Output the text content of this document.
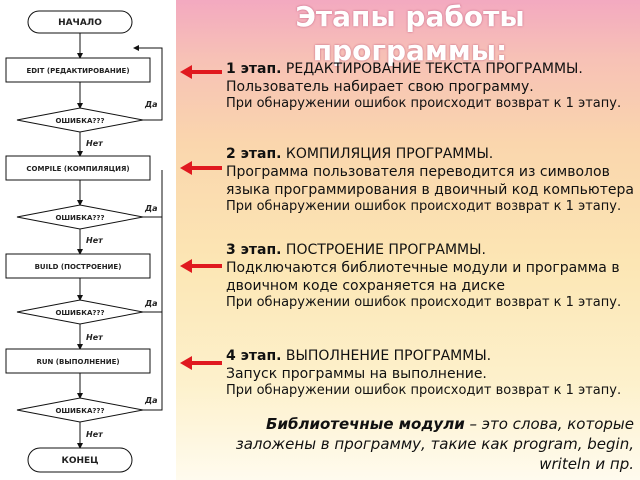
НАЧАЛО
EDIT (РЕДАКТИРОВАНИЕ)
ОШИБКА???
Да
Нет
COMPILE (КОМПИЛЯЦИЯ)
ОШИБКА???
Да
Нет
BUILD (ПОСТРОЕНИЕ)
ОШИБКА???
Да
Нет
RUN (ВЫПОЛНЕНИЕ)
ОШИБКА???
Да
Нет
КОНЕЦ
Этапы работы
программы:
1 этап. РЕДАКТИРОВАНИЕ ТЕКСТА ПРОГРАММЫ.
Пользователь набирает свою программу.
При обнаружении ошибок происходит возврат к 1 этапу.
2 этап. КОМПИЛЯЦИЯ ПРОГРАММЫ.
Программа пользователя переводится из символов языка программирования в двоичный код компьютера
При обнаружении ошибок происходит возврат к 1 этапу.
3 этап. ПОСТРОЕНИЕ ПРОГРАММЫ.
Подключаются библиотечные модули и программа в двоичном коде сохраняется на диске
При обнаружении ошибок происходит возврат к 1 этапу.
4 этап. ВЫПОЛНЕНИЕ ПРОГРАММЫ.
Запуск программы на выполнение.
При обнаружении ошибок происходит возврат к 1 этапу.
Библиотечные модули – это слова, которые заложены в программу, такие как program, begin, writeln и пр.
